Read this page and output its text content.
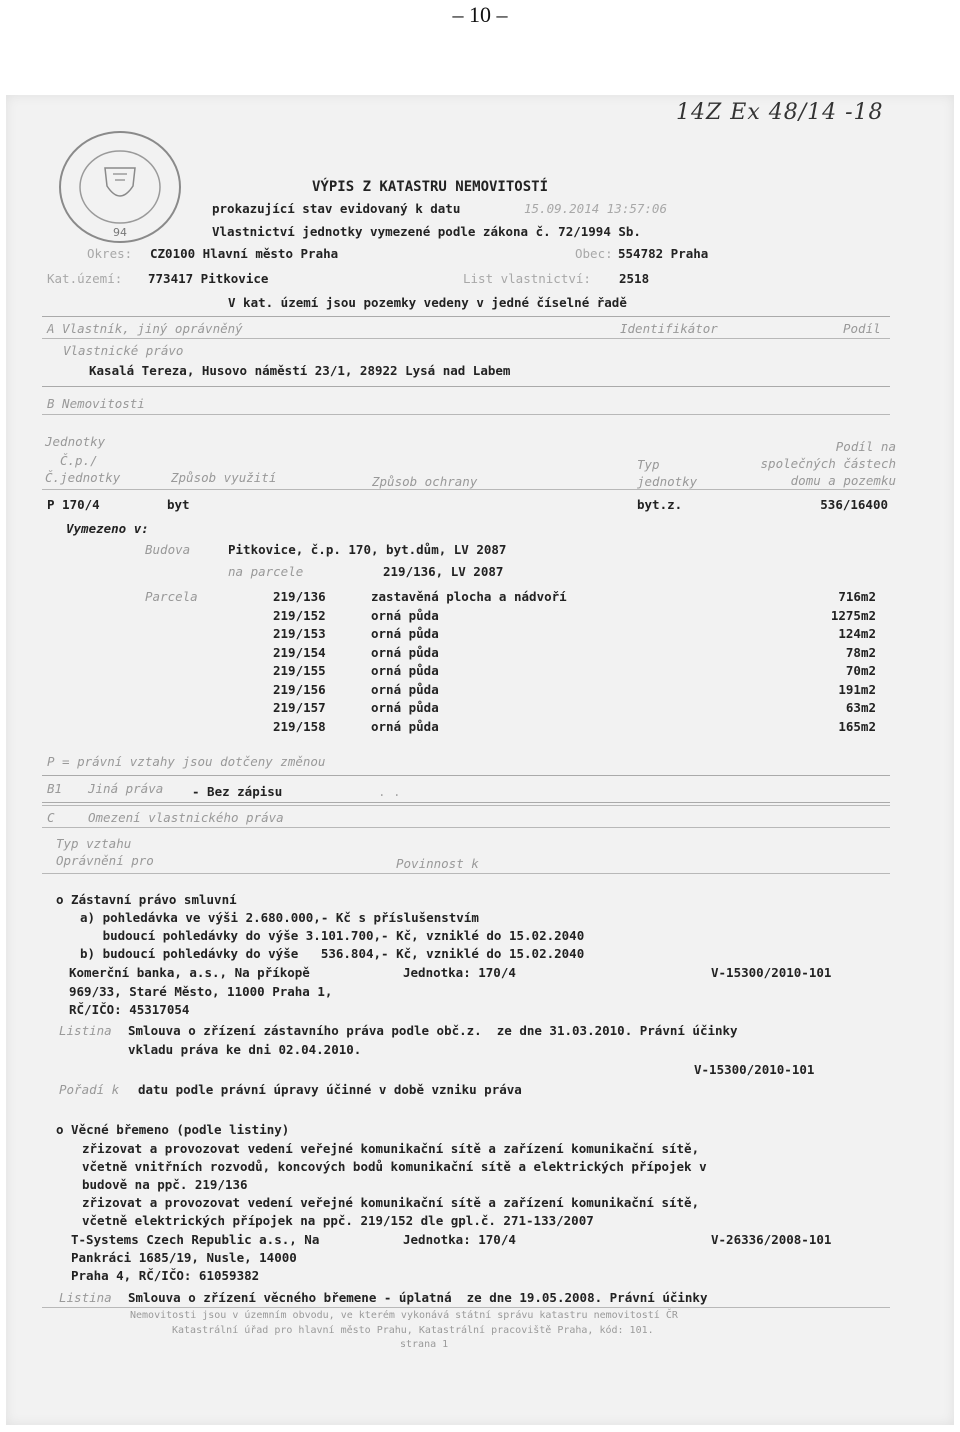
– 10 –
14Z Ex 48/14 -18
94
VÝPIS Z KATASTRU NEMOVITOSTÍ
prokazující stav evidovaný k datu	15.09.2014 13:57:06
Vlastnictví jednotky vymezené podle zákona č. 72/1994 Sb.
Okres: CZ0100 Hlavní město Praha	Obec: 554782 Praha
Kat.území: 773417 Pitkovice	List vlastnictví: 2518
V kat. území jsou pozemky vedeny v jedné číselné řadě
A Vlastník, jiný oprávněný	Identifikátor	Podíl
Vlastnické právo
Kasalá Tereza, Husovo náměstí 23/1, 28922 Lysá nad Labem
B Nemovitosti
Jednotky	Podíl na
Č.p./	Typ	společných částech
Č.jednotky	Způsob využití	Způsob ochrany	jednotky	domu a pozemku
P 170/4	byt	byt.z.	536/16400
Vymezeno v:
Budova	Pitkovice, č.p. 170, byt.dům, LV 2087
na parcele	219/136, LV 2087
Parcela	219/136	zastavěná plocha a nádvoří	716m2
219/152	orná půda	1275m2
219/153	orná půda	124m2
219/154	orná půda	78m2
219/155	orná půda	70m2
219/156	orná půda	191m2
219/157	orná půda	63m2
219/158	orná půda	165m2
P = právní vztahy jsou dotčeny změnou
B1 Jiná práva - Bez zápisu	. .
C	Omezení vlastnického práva
Typ vztahu
Oprávnění pro	Povinnost k
o Zástavní právo smluvní
a) pohledávka ve výši 2.680.000,- Kč s příslušenstvím
budoucí pohledávky do výše 3.101.700,- Kč, vzniklé do 15.02.2040
b) budoucí pohledávky do výše   536.804,- Kč, vzniklé do 15.02.2040
Komerční banka, a.s., Na příkopě
969/33, Staré Město, 11000 Praha 1,
RČ/IČO: 45317054
Jednotka: 170/4	V-15300/2010-101
Listina Smlouva o zřízení zástavního práva podle obč.z.  ze dne 31.03.2010. Právní účinky
vkladu práva ke dni 02.04.2010.
V-15300/2010-101
Pořadí k datu podle právní úpravy účinné v době vzniku práva
o Věcné břemeno (podle listiny)
zřizovat a provozovat vedení veřejné komunikační sítě a zařízení komunikační sítě,
včetně vnitřních rozvodů, koncových bodů komunikační sítě a elektrických přípojek v
budově na ppč. 219/136
zřizovat a provozovat vedení veřejné komunikační sítě a zařízení komunikační sítě,
včetně elektrických přípojek na ppč. 219/152 dle gpl.č. 271-133/2007
T-Systems Czech Republic a.s., Na
Pankráci 1685/19, Nusle, 14000
Praha 4, RČ/IČO: 61059382
Jednotka: 170/4	V-26336/2008-101
Listina Smlouva o zřízení věcného břemene - úplatná  ze dne 19.05.2008. Právní účinky
Nemovitosti jsou v územním obvodu, ve kterém vykonává státní správu katastru nemovitostí ČR
Katastrální úřad pro hlavní město Prahu, Katastrální pracoviště Praha, kód: 101.
strana 1
